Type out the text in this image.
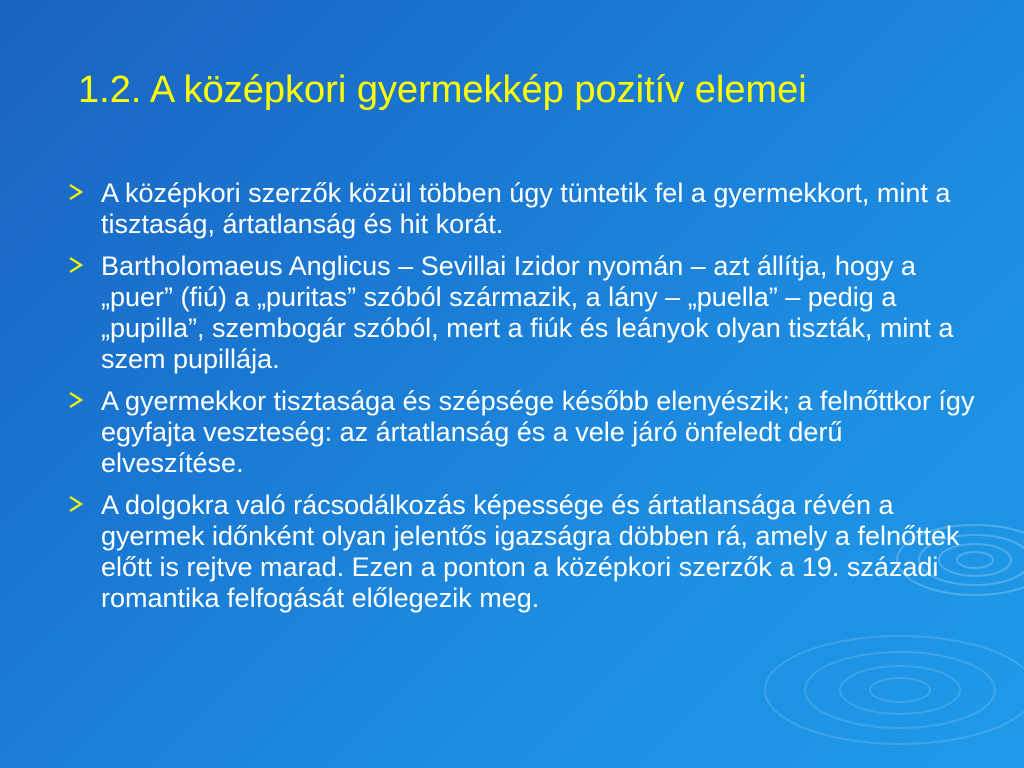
1.2. A középkori gyermekkép pozitív elemei
A középkori szerzők közül többen úgy tüntetik fel a gyermekkort, mint a tisztaság, ártatlanság és hit korát.
Bartholomaeus Anglicus – Sevillai Izidor nyomán – azt állítja, hogy a „puer” (fiú) a „puritas” szóból származik, a lány – „puella” – pedig a „pupilla”, szembogár szóból, mert a fiúk és leányok olyan tiszták, mint a szem pupillája.
A gyermekkor tisztasága és szépsége később elenyészik; a felnőttkor így egyfajta veszteség: az ártatlanság és a vele járó önfeledt derű elveszítése.
A dolgokra való rácsodálkozás képessége és ártatlansága révén a gyermek időnként olyan jelentős igazságra döbben rá, amely a felnőttek előtt is rejtve marad. Ezen a ponton a középkori szerzők a 19. századi romantika felfogását előlegezik meg.
